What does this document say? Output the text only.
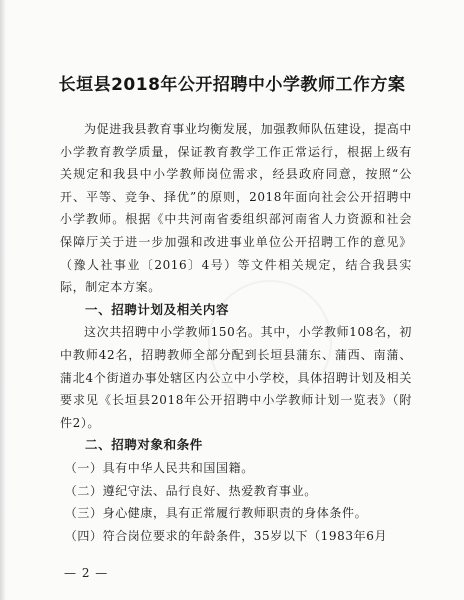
长垣县2018年公开招聘中小学教师工作方案

为促进我县教育事业均衡发展，加强教师队伍建设，提高中小学教育教学质量，保证教育教学工作正常运行，根据上级有关规定和我县中小学教师岗位需求，经县政府同意，按照“公开、平等、竞争、择优”的原则，2018年面向社会公开招聘中小学教师。根据《中共河南省委组织部河南省人力资源和社会保障厅关于进一步加强和改进事业单位公开招聘工作的意见》（豫人社事业〔2016〕4号）等文件相关规定，结合我县实际，制定本方案。

一、招聘计划及相关内容

这次共招聘中小学教师150名。其中，小学教师108名，初中教师42名，招聘教师全部分配到长垣县蒲东、蒲西、南蒲、蒲北4个街道办事处辖区内公立中小学校，具体招聘计划及相关要求见《长垣县2018年公开招聘中小学教师计划一览表》（附件2）。

二、招聘对象和条件

（一）具有中华人民共和国国籍。

（二）遵纪守法、品行良好、热爱教育事业。

（三）身心健康，具有正常履行教师职责的身体条件。

（四）符合岗位要求的年龄条件，35岁以下（1983年6月

— 2 —
